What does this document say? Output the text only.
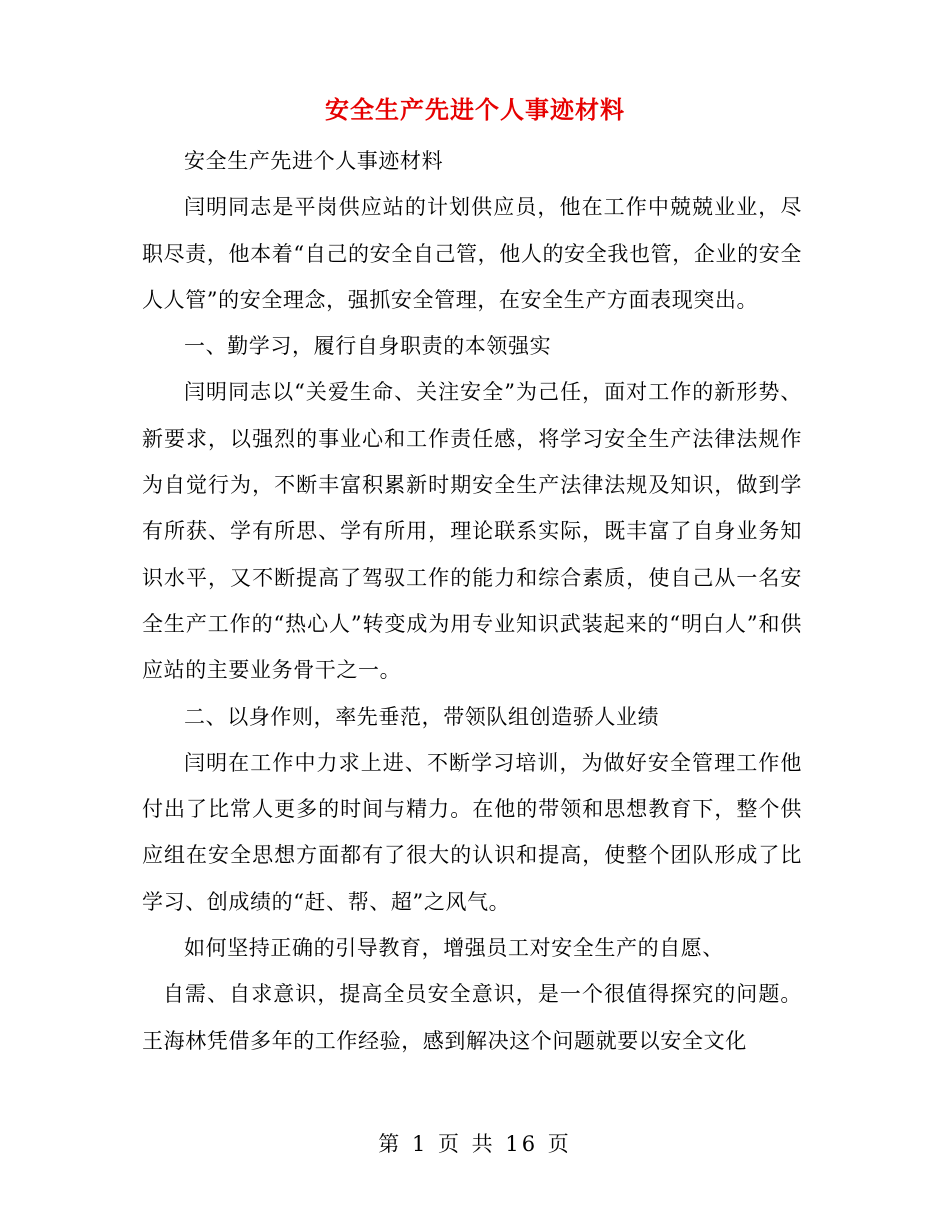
安全生产先进个人事迹材料

安全生产先进个人事迹材料

闫明同志是平岗供应站的计划供应员，他在工作中兢兢业业，尽职尽责，他本着“自己的安全自己管，他人的安全我也管，企业的安全人人管”的安全理念，强抓安全管理，在安全生产方面表现突出。

一、勤学习，履行自身职责的本领强实

闫明同志以“关爱生命、关注安全”为己任，面对工作的新形势、新要求，以强烈的事业心和工作责任感，将学习安全生产法律法规作为自觉行为，不断丰富积累新时期安全生产法律法规及知识，做到学有所获、学有所思、学有所用，理论联系实际，既丰富了自身业务知识水平，又不断提高了驾驭工作的能力和综合素质，使自己从一名安全生产工作的“热心人”转变成为用专业知识武装起来的“明白人”和供应站的主要业务骨干之一。

二、以身作则，率先垂范，带领队组创造骄人业绩

闫明在工作中力求上进、不断学习培训，为做好安全管理工作他付出了比常人更多的时间与精力。在他的带领和思想教育下，整个供应组在安全思想方面都有了很大的认识和提高，使整个团队形成了比学习、创成绩的“赶、帮、超”之风气。

如何坚持正确的引导教育，增强员工对安全生产的自愿、

自需、自求意识，提高全员安全意识，是一个很值得探究的问题。王海林凭借多年的工作经验，感到解决这个问题就要以安全文化

第 1 页 共 16 页
